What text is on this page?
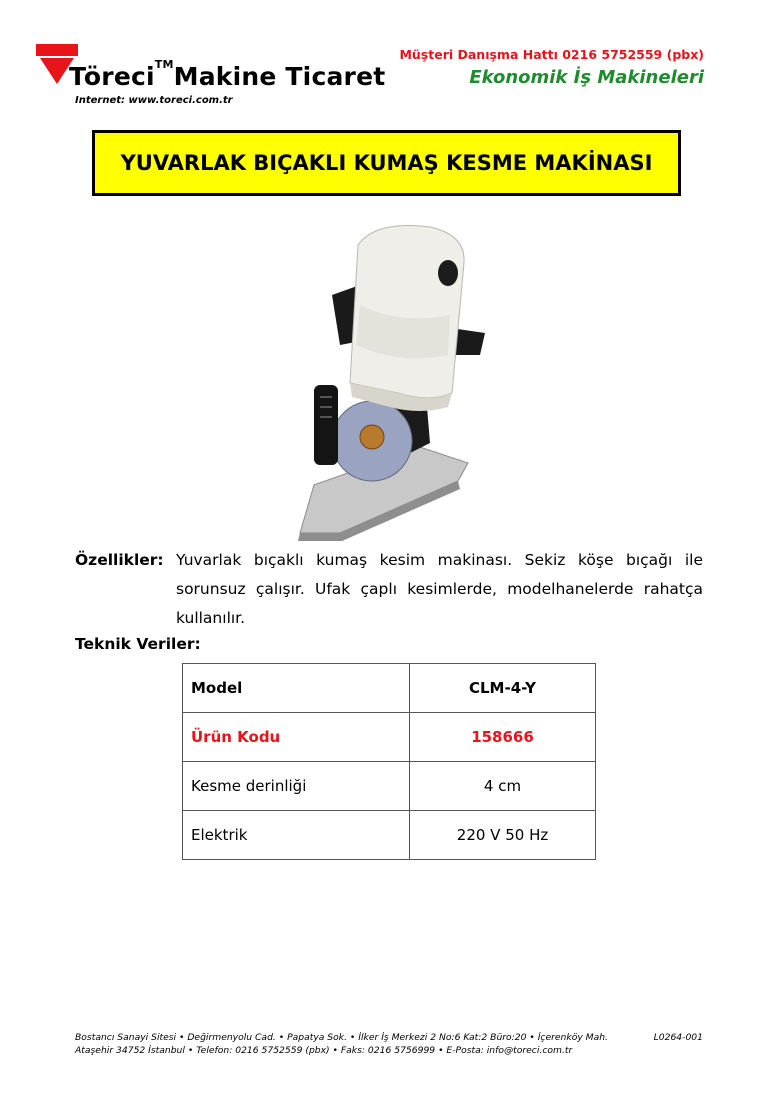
Töreci™Makine Ticaret
Internet: www.toreci.com.tr
Müşteri Danışma Hattı 0216 5752559 (pbx)
Ekonomik İş Makineleri
YUVARLAK BIÇAKLI KUMAŞ KESME MAKİNASI
Özellikler: Yuvarlak bıçaklı kumaş kesim makinası. Sekiz köşe bıçağı ile sorunsuz çalışır. Ufak çaplı kesimlerde, modelhanelerde rahatça kullanılır.
Teknik Veriler:
Model	CLM-4-Y
Ürün Kodu	158666
Kesme derinliği	4 cm
Elektrik	220 V 50 Hz
Bostancı Sanayi Sitesi • Değirmenyolu Cad. • Papatya Sok. • İlker İş Merkezi 2 No:6 Kat:2 Büro:20 • İçerenköy Mah.
Ataşehir 34752 İstanbul • Telefon: 0216 5752559 (pbx) • Faks: 0216 5756999 • E-Posta: info@toreci.com.tr
L0264-001
